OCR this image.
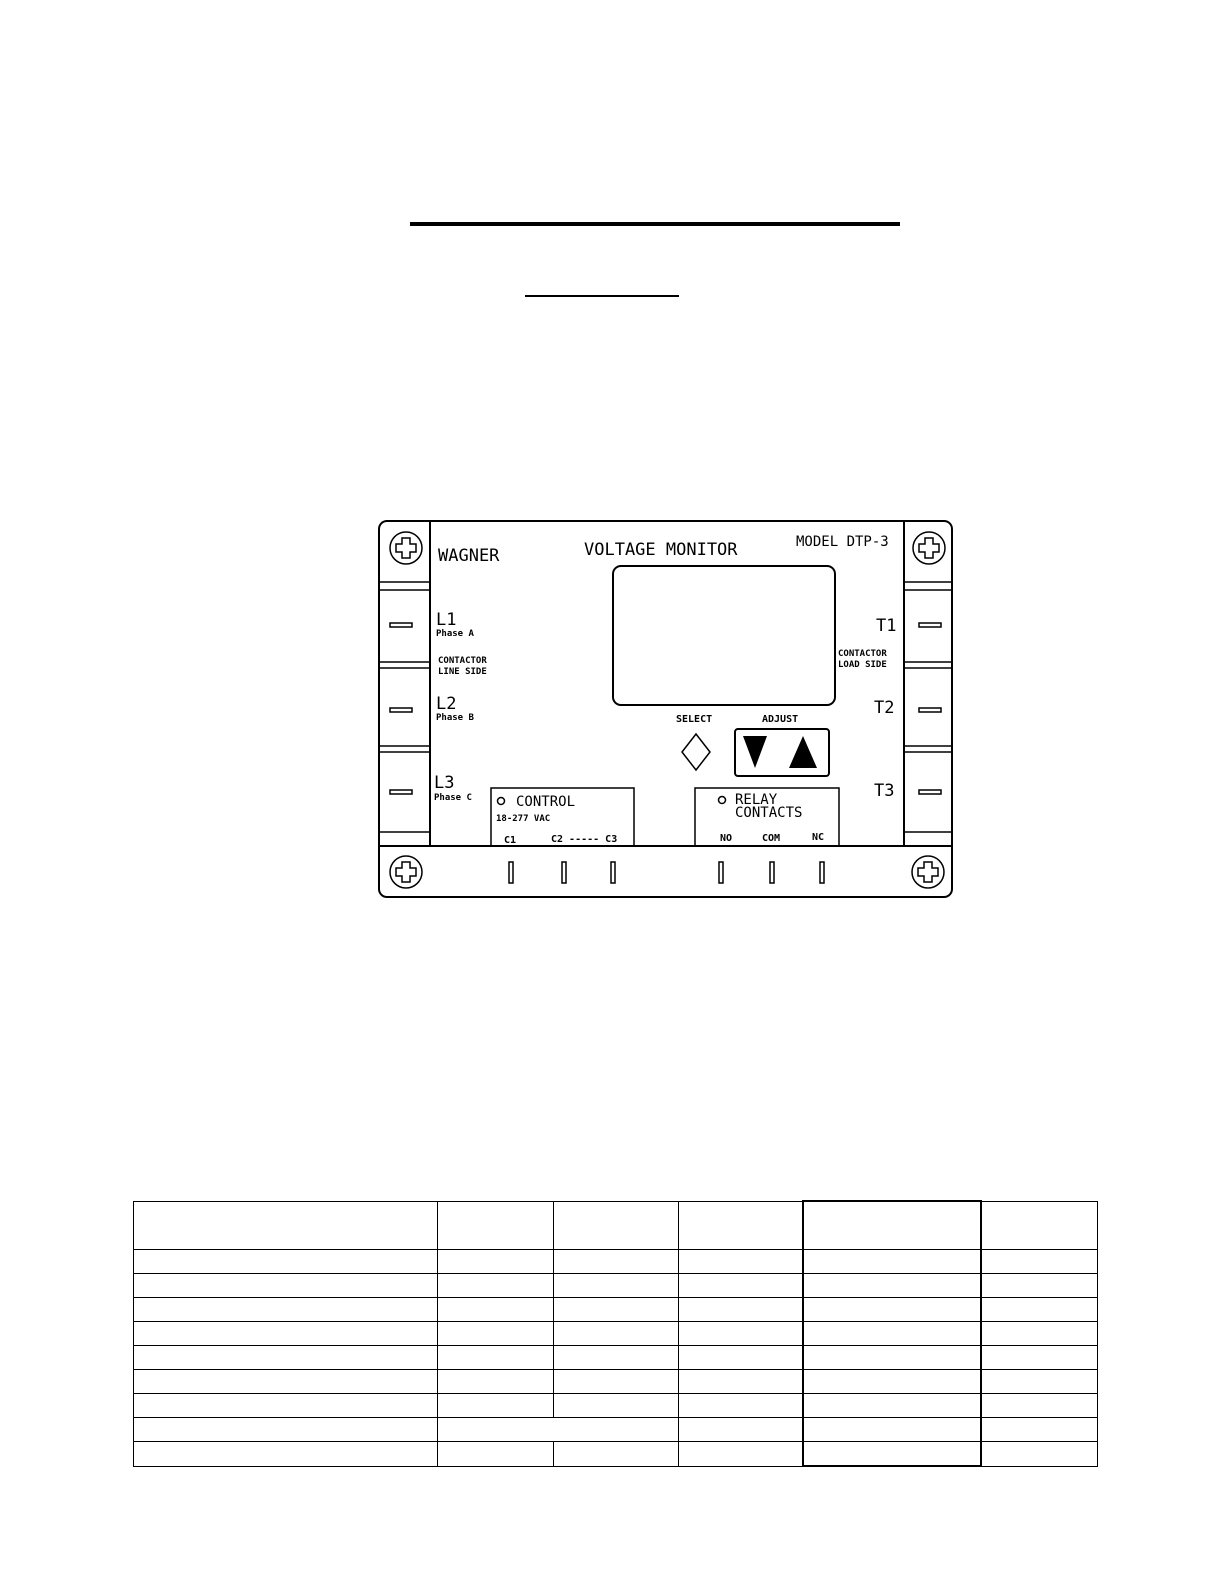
WAGNER	VOLTAGE MONITOR	MODEL DTP-3
L1
Phase A
CONTACTOR
LINE SIDE
L2
Phase B
L3
Phase C
T1
CONTACTOR
LOAD SIDE
T2
T3
SELECT	ADJUST
CONTROL
18-277 VAC
C1	C2 ----- C3
RELAY
CONTACTS
NO	COM	NC
